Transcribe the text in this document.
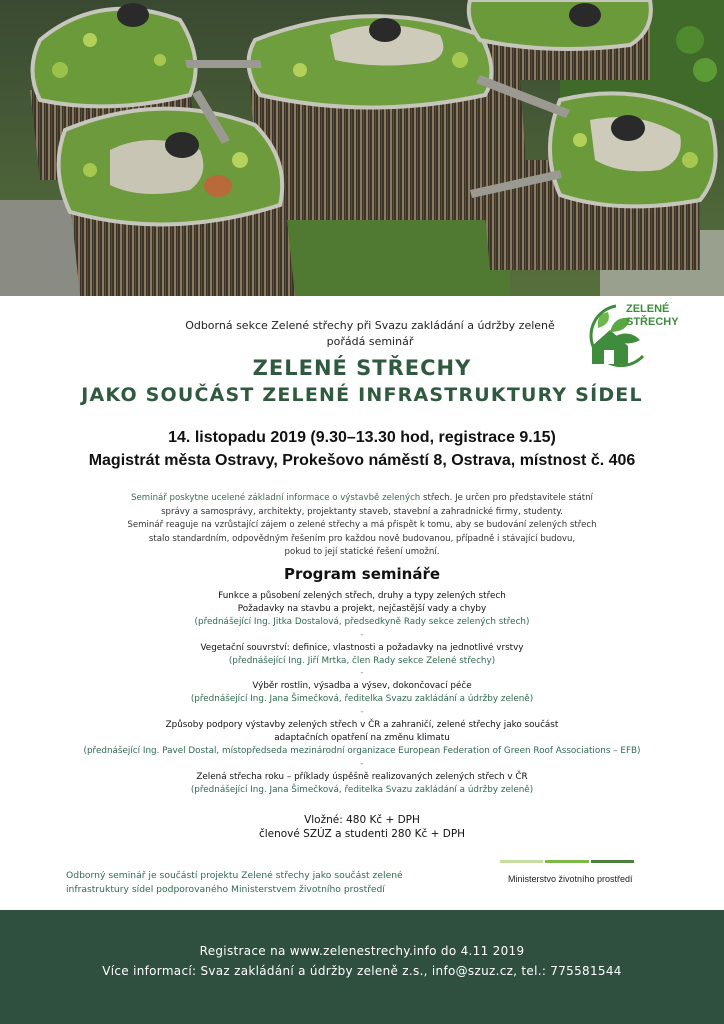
Odborná sekce Zelené střechy při Svazu zakládání a údržby zeleně
pořádá seminář
ZELENÉ
STŘECHY
ZELENÉ STŘECHY
JAKO SOUČÁST ZELENÉ INFRASTRUKTURY SÍDEL
14. listopadu 2019 (9.30–13.30 hod, registrace 9.15)
Magistrát města Ostravy, Prokešovo náměstí 8, Ostrava, místnost č. 406
Seminář poskytne ucelené základní informace o výstavbě zelených střech. Je určen pro představitele státní
správy a samosprávy, architekty, projektanty staveb, stavební a zahradnické firmy, studenty.
Seminář reaguje na vzrůstající zájem o zelené střechy a má přispět k tomu, aby se budování zelených střech
stalo standardním, odpovědným řešením pro každou nově budovanou, případně i stávající budovu,
pokud to její statické řešení umožní.
Program semináře
Funkce a působení zelených střech, druhy a typy zelených střech
Požadavky na stavbu a projekt, nejčastější vady a chyby
(přednášející Ing. Jitka Dostalová, předsedkyně Rady sekce zelených střech)
-
Vegetační souvrství: definice, vlastnosti a požadavky na jednotlivé vrstvy
(přednášející Ing. Jiří Mrtka, člen Rady sekce Zelené střechy)
-
Výběr rostlin, výsadba a výsev, dokončovací péče
(přednášející Ing. Jana Šimečková, ředitelka Svazu zakládání a údržby zeleně)
-
Způsoby podpory výstavby zelených střech v ČR a zahraničí, zelené střechy jako součást
adaptačních opatření na změnu klimatu
(přednášející Ing. Pavel Dostal, místopředseda mezinárodní organizace European Federation of Green Roof Associations – EFB)
-
Zelená střecha roku – příklady úspěšně realizovaných zelených střech v ČR
(přednášející Ing. Jana Šimečková, ředitelka Svazu zakládání a údržby zeleně)
Vložné: 480 Kč + DPH
členové SZÚZ a studenti 280 Kč + DPH
Odborný seminář je součástí projektu Zelené střechy jako součást zelené
infrastruktury sídel podporovaného Ministerstvem životního prostředí
Ministerstvo životního prostředí
Registrace na www.zelenestrechy.info do 4.11 2019
Více informací: Svaz zakládání a údržby zeleně z.s., info@szuz.cz, tel.: 775581544
